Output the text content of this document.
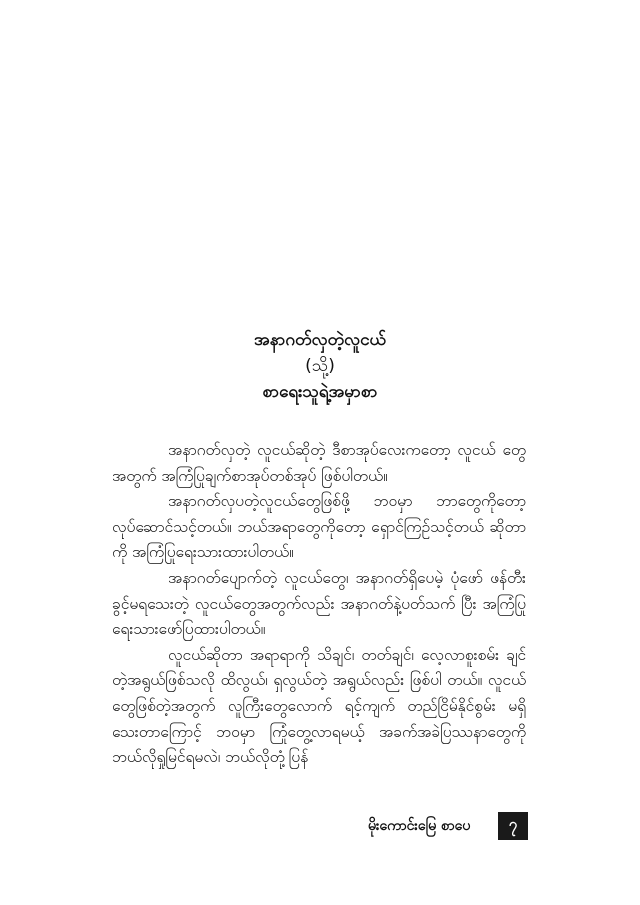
အနာဂတ်လှတဲ့လူငယ်
(သို့)
စာရေးသူရဲ့အမှာစာ

အနာဂတ်လှတဲ့ လူငယ်ဆိုတဲ့ ဒီစာအုပ်လေးကတော့ လူငယ် တွေအတွက် အကြံပြုချက်စာအုပ်တစ်အုပ် ဖြစ်ပါတယ်။

အနာဂတ်လှပတဲ့လူငယ်တွေဖြစ်ဖို့ ဘဝမှာ ဘာတွေကိုတော့ လုပ်ဆောင်သင့်တယ်။ ဘယ်အရာတွေကိုတော့ ရှောင်ကြဉ်သင့်တယ် ဆိုတာကို အကြံပြုရေးသားထားပါတယ်။

အနာဂတ်ပျောက်တဲ့ လူငယ်တွေ၊ အနာဂတ်ရှိပေမဲ့ ပုံဖော် ဖန်တီးခွင့်မရသေးတဲ့ လူငယ်တွေအတွက်လည်း အနာဂတ်နဲ့ပတ်သက် ပြီး အကြံပြုရေးသားဖော်ပြထားပါတယ်။

လူငယ်ဆိုတာ အရာရာကို သိချင်၊ တတ်ချင်၊ လေ့လာစူးစမ်း ချင်တဲ့အရွယ်ဖြစ်သလို ထိလွယ်၊ ရှလွယ်တဲ့ အရွယ်လည်း ဖြစ်ပါ တယ်။ လူငယ်တွေဖြစ်တဲ့အတွက် လူကြီးတွေလောက် ရင့်ကျက် တည်ငြိမ်နိုင်စွမ်း မရှိသေးတာကြောင့် ဘဝမှာ ကြုံတွေ့လာရမယ့် အခက်အခဲပြဿနာတွေကို ဘယ်လိုရှုမြင်ရမလဲ၊ ဘယ်လိုတုံ့ပြန်

မိုးကောင်းမြေ စာပေ	၇
